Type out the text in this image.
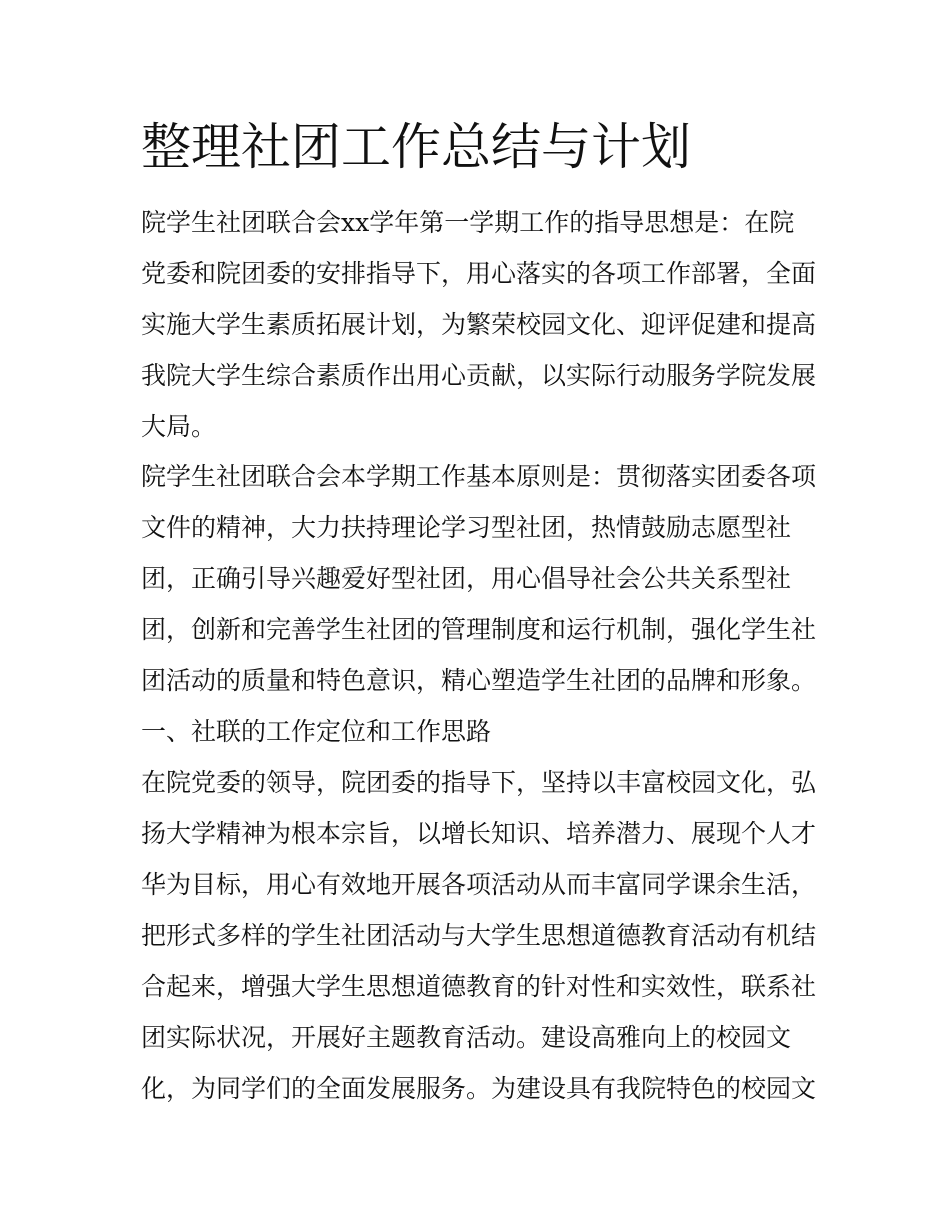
整理社团工作总结与计划

院学生社团联合会xx学年第一学期工作的指导思想是：在院

党委和院团委的安排指导下，用心落实的各项工作部署，全面

实施大学生素质拓展计划，为繁荣校园文化、迎评促建和提高

我院大学生综合素质作出用心贡献，以实际行动服务学院发展

大局。

院学生社团联合会本学期工作基本原则是：贯彻落实团委各项

文件的精神，大力扶持理论学习型社团，热情鼓励志愿型社

团，正确引导兴趣爱好型社团，用心倡导社会公共关系型社

团，创新和完善学生社团的管理制度和运行机制，强化学生社

团活动的质量和特色意识，精心塑造学生社团的品牌和形象。

一、社联的工作定位和工作思路

在院党委的领导，院团委的指导下，坚持以丰富校园文化，弘

扬大学精神为根本宗旨，以增长知识、培养潜力、展现个人才

华为目标，用心有效地开展各项活动从而丰富同学课余生活，

把形式多样的学生社团活动与大学生思想道德教育活动有机结

合起来，增强大学生思想道德教育的针对性和实效性，联系社

团实际状况，开展好主题教育活动。建设高雅向上的校园文

化，为同学们的全面发展服务。为建设具有我院特色的校园文
